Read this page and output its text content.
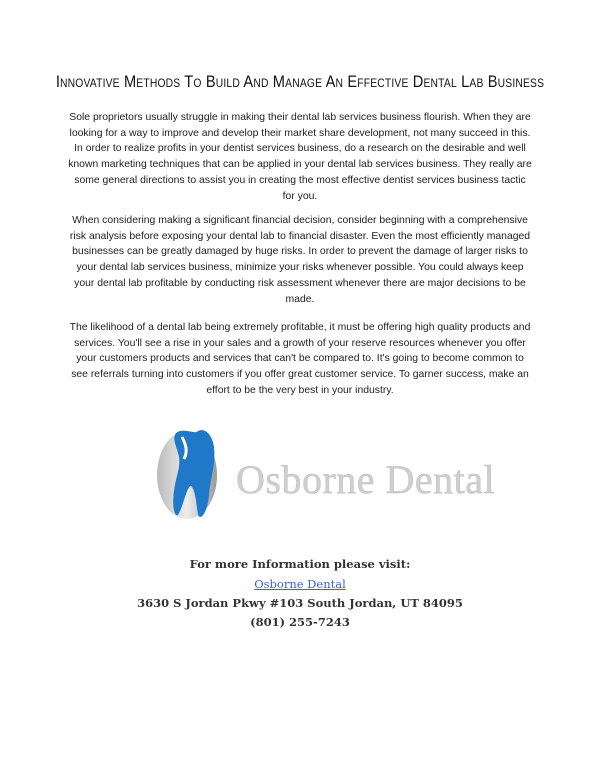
Innovative Methods To Build And Manage An Effective Dental Lab Business
Sole proprietors usually struggle in making their dental lab services business flourish. When they are looking for a way to improve and develop their market share development, not many succeed in this. In order to realize profits in your dentist services business, do a research on the desirable and well known marketing techniques that can be applied in your dental lab services business. They really are some general directions to assist you in creating the most effective dentist services business tactic for you.
When considering making a significant financial decision, consider beginning with a comprehensive risk analysis before exposing your dental lab to financial disaster. Even the most efficiently managed businesses can be greatly damaged by huge risks. In order to prevent the damage of larger risks to your dental lab services business, minimize your risks whenever possible. You could always keep your dental lab profitable by conducting risk assessment whenever there are major decisions to be made.
The likelihood of a dental lab being extremely profitable, it must be offering high quality products and services. You'll see a rise in your sales and a growth of your reserve resources whenever you offer your customers products and services that can't be compared to. It's going to become common to see referrals turning into customers if you offer great customer service. To garner success, make an effort to be the very best in your industry.
Osborne Dental
For more Information please visit:
Osborne Dental
3630 S Jordan Pkwy #103 South Jordan, UT 84095
(801) 255-7243
